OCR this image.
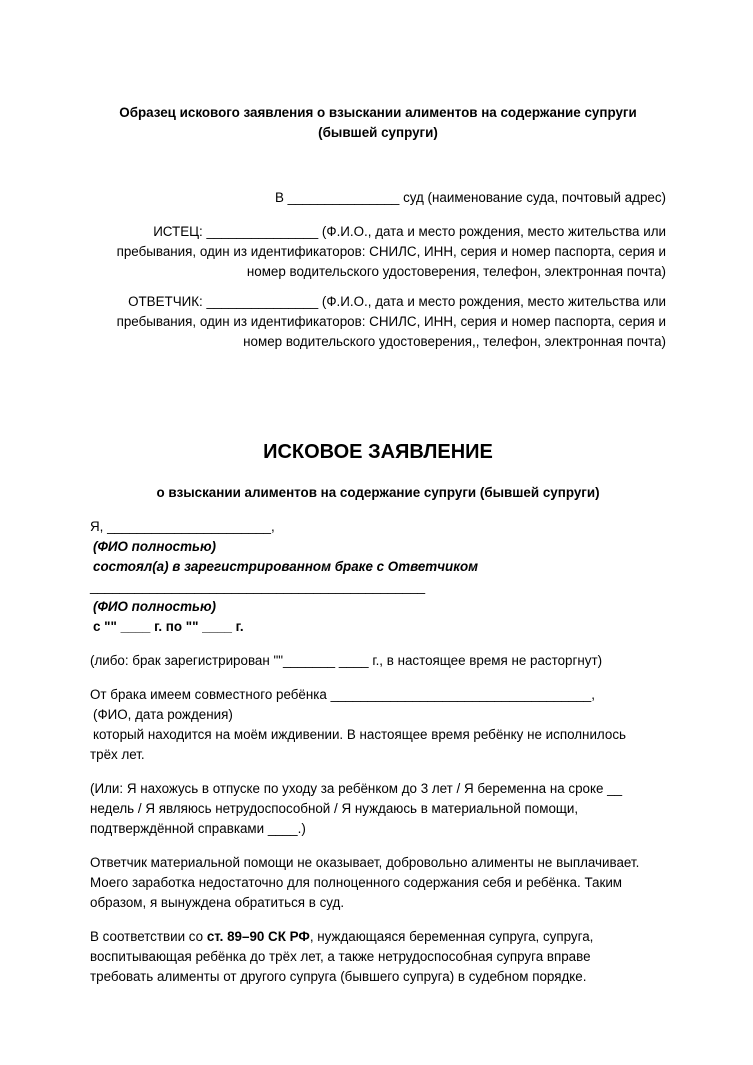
Образец искового заявления о взыскании алиментов на содержание супруги

(бывшей супруги)

В _______________ суд (наименование суда, почтовый адрес)

ИСТЕЦ: _______________ (Ф.И.О., дата и место рождения, место жительства или

пребывания, один из идентификаторов: СНИЛС, ИНН, серия и номер паспорта, серия и

номер водительского удостоверения, телефон, электронная почта)

ОТВЕТЧИК: _______________ (Ф.И.О., дата и место рождения, место жительства или

пребывания, один из идентификаторов: СНИЛС, ИНН, серия и номер паспорта, серия и

номер водительского удостоверения,, телефон, электронная почта)

ИСКОВОЕ ЗАЯВЛЕНИЕ
о взыскании алиментов на содержание супруги (бывшей супруги)

Я, ______________________,

(ФИО полностью)

состоял(а) в зарегистрированном браке с Ответчиком

_____________________________________________

(ФИО полностью)

с "" ____ г. по "" ____ г.

(либо: брак зарегистрирован ""_______ ____ г., в настоящее время не расторгнут)

От брака имеем совместного ребёнка ___________________________________,

(ФИО, дата рождения)

который находится на моём иждивении. В настоящее время ребёнку не исполнилось

трёх лет.

(Или: Я нахожусь в отпуске по уходу за ребёнком до 3 лет / Я беременна на сроке __

недель / Я являюсь нетрудоспособной / Я нуждаюсь в материальной помощи,

подтверждённой справками ____.)

Ответчик материальной помощи не оказывает, добровольно алименты не выплачивает.

Моего заработка недостаточно для полноценного содержания себя и ребёнка. Таким

образом, я вынуждена обратиться в суд.

В соответствии со ст. 89–90 СК РФ, нуждающаяся беременная супруга, супруга,

воспитывающая ребёнка до трёх лет, а также нетрудоспособная супруга вправе

требовать алименты от другого супруга (бывшего супруга) в судебном порядке.
